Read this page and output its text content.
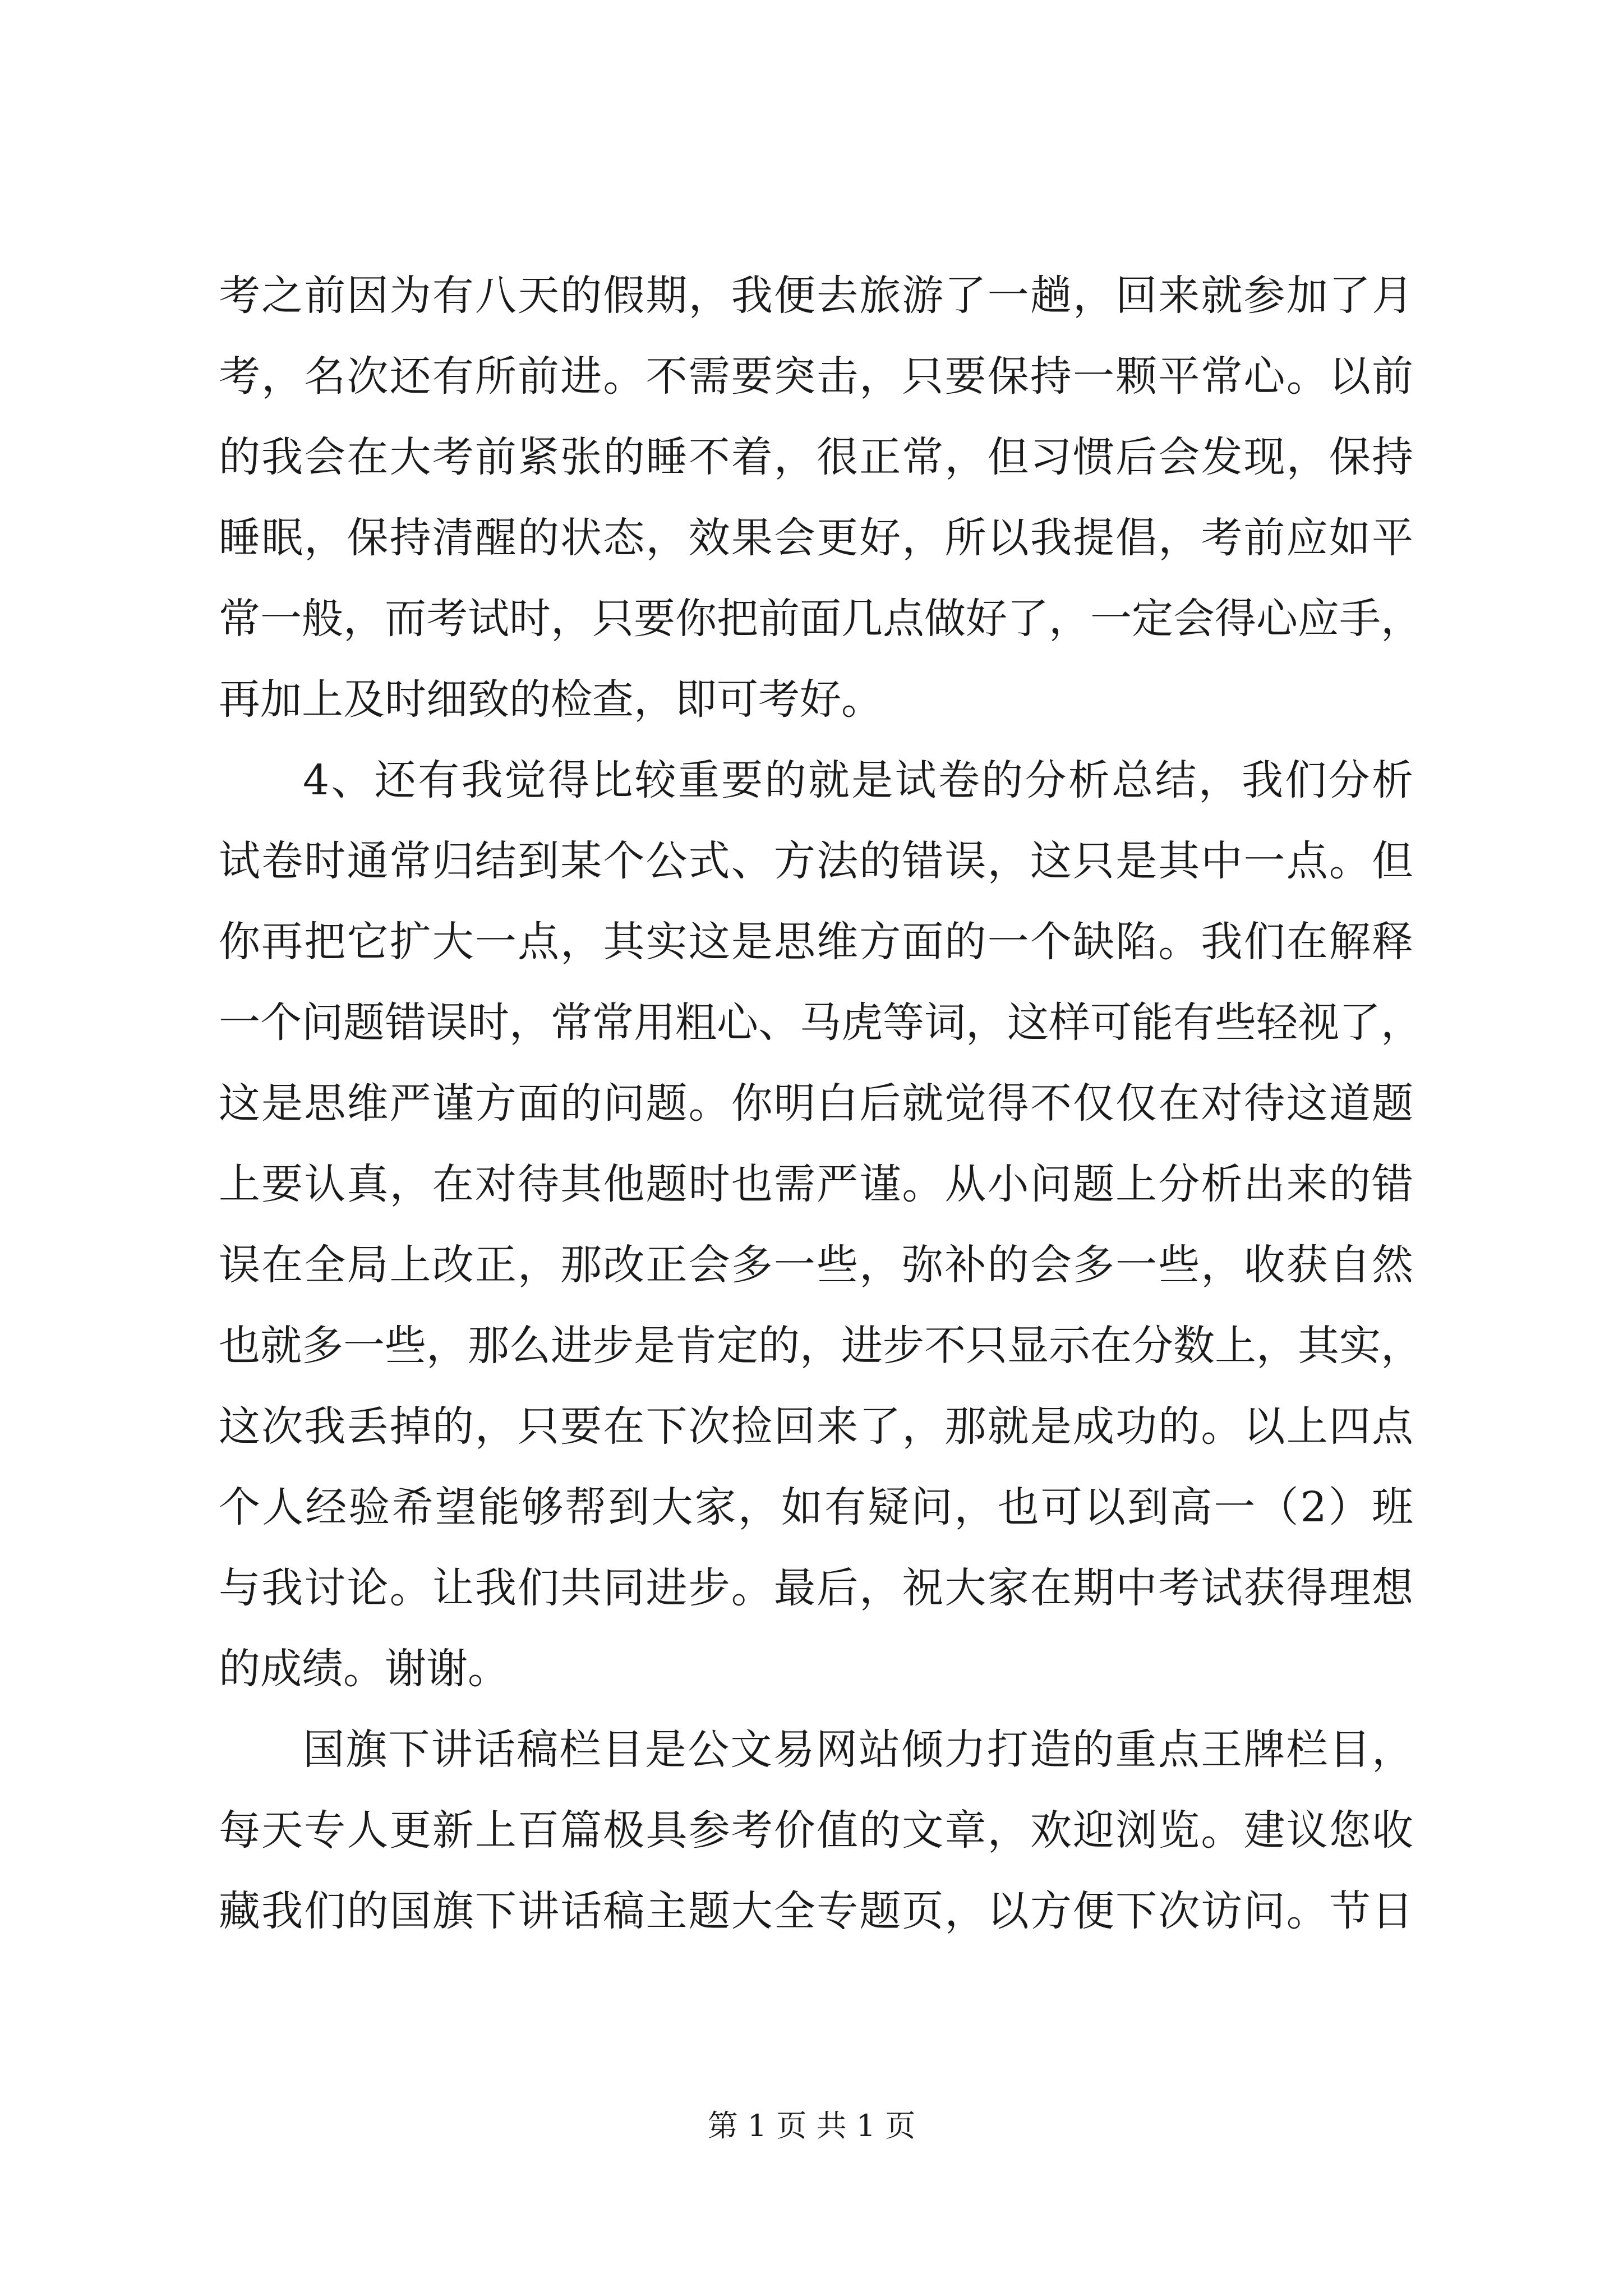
考之前因为有八天的假期，我便去旅游了一趟，回来就参加了月
考，名次还有所前进。不需要突击，只要保持一颗平常心。以前
的我会在大考前紧张的睡不着，很正常，但习惯后会发现，保持
睡眠，保持清醒的状态，效果会更好，所以我提倡，考前应如平
常一般，而考试时，只要你把前面几点做好了，一定会得心应手，
再加上及时细致的检查，即可考好。
4、还有我觉得比较重要的就是试卷的分析总结，我们分析
试卷时通常归结到某个公式、方法的错误，这只是其中一点。但
你再把它扩大一点，其实这是思维方面的一个缺陷。我们在解释
一个问题错误时，常常用粗心、马虎等词，这样可能有些轻视了，
这是思维严谨方面的问题。你明白后就觉得不仅仅在对待这道题
上要认真，在对待其他题时也需严谨。从小问题上分析出来的错
误在全局上改正，那改正会多一些，弥补的会多一些，收获自然
也就多一些，那么进步是肯定的，进步不只显示在分数上，其实，
这次我丢掉的，只要在下次捡回来了，那就是成功的。以上四点
个人经验希望能够帮到大家，如有疑问，也可以到高一（2）班
与我讨论。让我们共同进步。最后，祝大家在期中考试获得理想
的成绩。谢谢。
国旗下讲话稿栏目是公文易网站倾力打造的重点王牌栏目，
每天专人更新上百篇极具参考价值的文章，欢迎浏览。建议您收
藏我们的国旗下讲话稿主题大全专题页，以方便下次访问。节日
第 1 页 共 1 页
